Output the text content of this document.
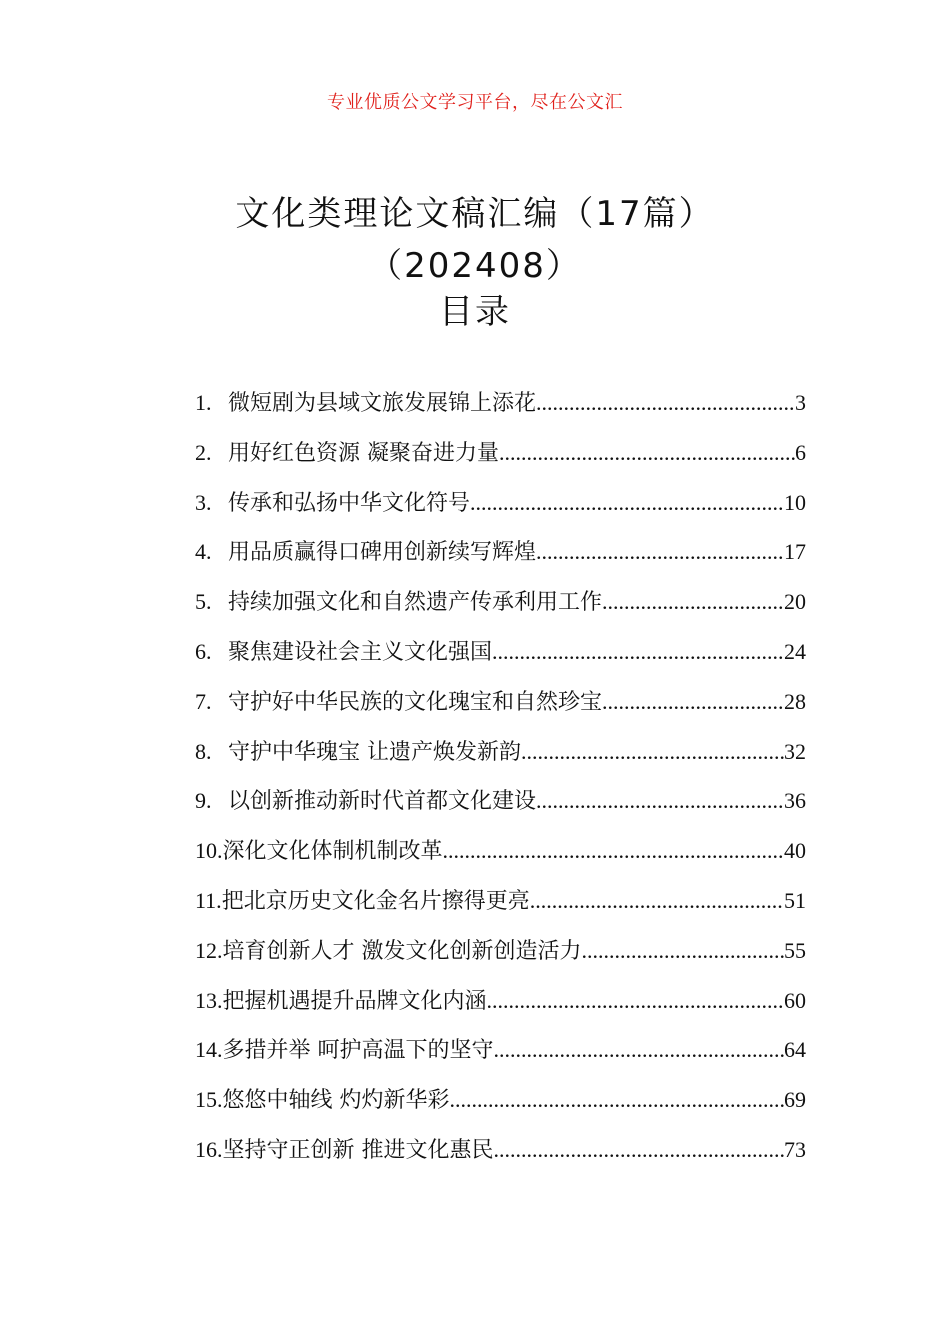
专业优质公文学习平台，尽在公文汇
文化类理论文稿汇编（17篇）（202408）
目录
1. 微短剧为县域文旅发展锦上添花 .....	3
2. 用好红色资源 凝聚奋进力量 .....	6
3. 传承和弘扬中华文化符号 .....	10
4. 用品质赢得口碑用创新续写辉煌 .....	17
5. 持续加强文化和自然遗产传承利用工作 .....	20
6. 聚焦建设社会主义文化强国 .....	24
7. 守护好中华民族的文化瑰宝和自然珍宝 .....	28
8. 守护中华瑰宝 让遗产焕发新韵 .....	32
9. 以创新推动新时代首都文化建设 .....	36
10. 深化文化体制机制改革 .....	40
11. 把北京历史文化金名片擦得更亮 .....	51
12. 培育创新人才 激发文化创新创造活力 .....	55
13. 把握机遇提升品牌文化内涵 .....	60
14. 多措并举 呵护高温下的坚守 .....	64
15. 悠悠中轴线 灼灼新华彩 .....	69
16. 坚持守正创新 推进文化惠民 .....	73
